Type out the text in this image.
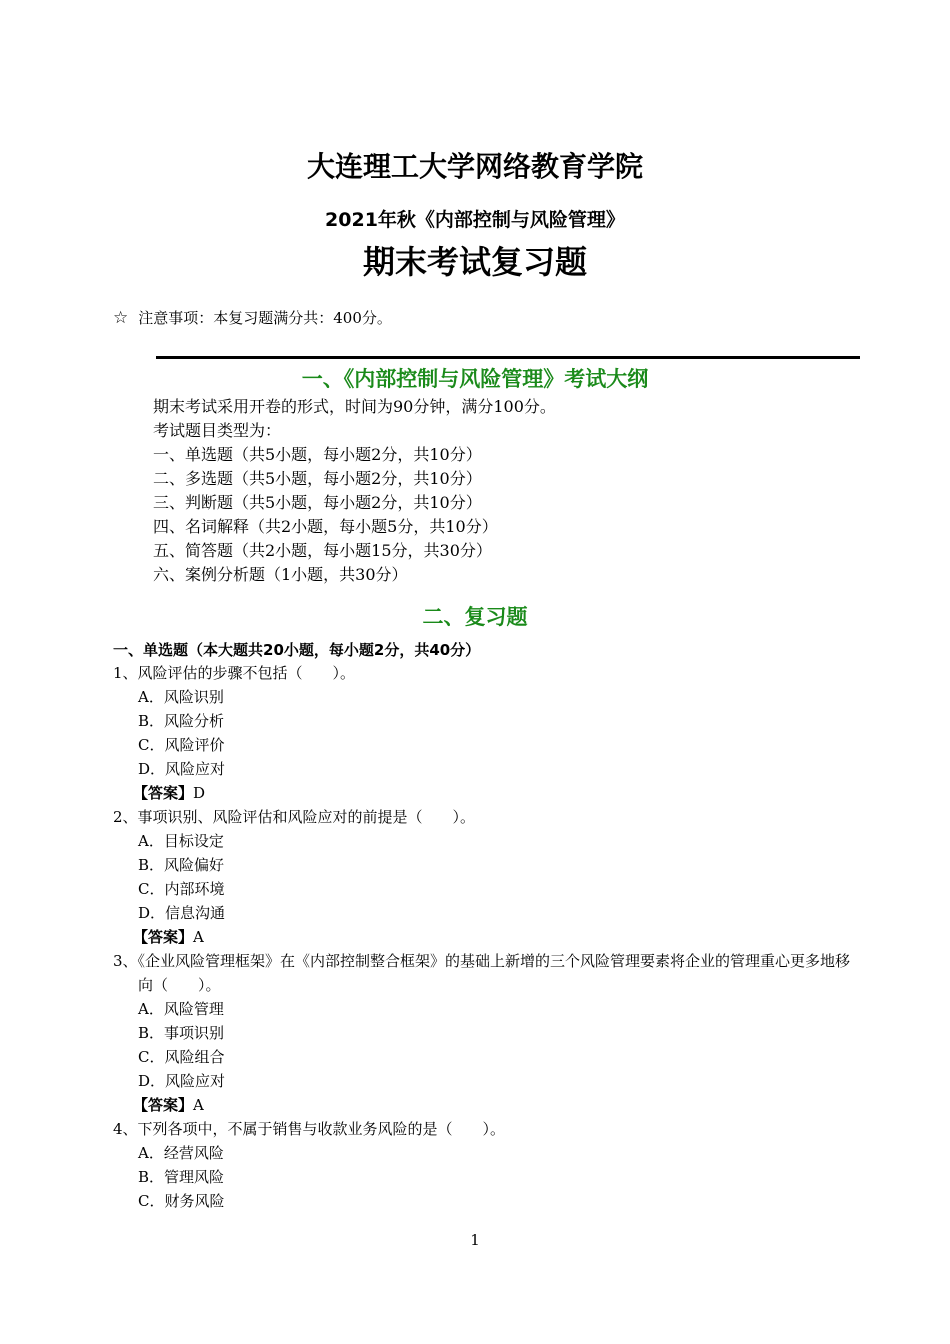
大连理工大学网络教育学院
2021年秋《内部控制与风险管理》
期末考试复习题
☆ 注意事项：本复习题满分共：400分。
一、《内部控制与风险管理》考试大纲
期末考试采用开卷的形式，时间为90分钟，满分100分。
考试题目类型为：
一、单选题（共5小题，每小题2分，共10分）
二、多选题（共5小题，每小题2分，共10分）
三、判断题（共5小题，每小题2分，共10分）
四、名词解释（共2小题，每小题5分，共10分）
五、简答题（共2小题，每小题15分，共30分）
六、案例分析题（1小题，共30分）
二、复习题
一、单选题（本大题共20小题，每小题2分，共40分）
1、风险评估的步骤不包括（　　）。
A．风险识别
B．风险分析
C．风险评价
D．风险应对
【答案】D
2、事项识别、风险评估和风险应对的前提是（　　）。
A．目标设定
B．风险偏好
C．内部环境
D．信息沟通
【答案】A
3、《企业风险管理框架》在《内部控制整合框架》的基础上新增的三个风险管理要素将企业的管理重心更多地移向（　　）。
A．风险管理
B．事项识别
C．风险组合
D．风险应对
【答案】A
4、下列各项中，不属于销售与收款业务风险的是（　　）。
A．经营风险
B．管理风险
C．财务风险
1
